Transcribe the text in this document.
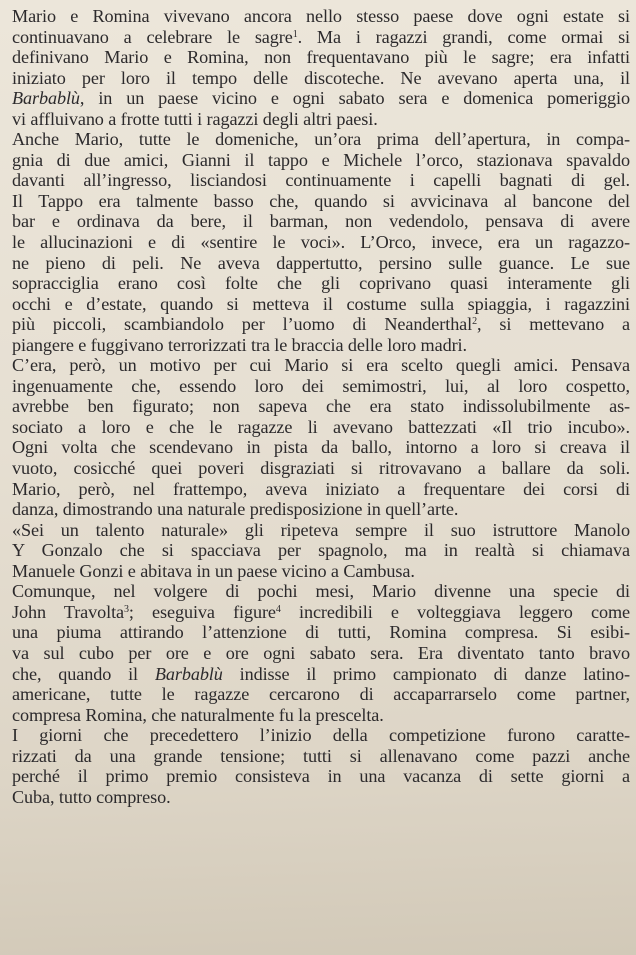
Mario e Romina vivevano ancora nello stesso paese dove ogni estate si
continuavano a celebrare le sagre$^1$. Ma i ragazzi grandi, come ormai si
definivano Mario e Romina, non frequentavano più le sagre; era infatti
iniziato per loro il tempo delle discoteche. Ne avevano aperta una, il
Barbablù, in un paese vicino e ogni sabato sera e domenica pomeriggio
vi affluivano a frotte tutti i ragazzi degli altri paesi.
Anche Mario, tutte le domeniche, un’ora prima dell’apertura, in compa-
gnia di due amici, Gianni il tappo e Michele l’orco, stazionava spavaldo
davanti all’ingresso, lisciandosi continuamente i capelli bagnati di gel.
Il Tappo era talmente basso che, quando si avvicinava al bancone del
bar e ordinava da bere, il barman, non vedendolo, pensava di avere
le allucinazioni e di «sentire le voci». L’Orco, invece, era un ragazzo-
ne pieno di peli. Ne aveva dappertutto, persino sulle guance. Le sue
sopracciglia erano così folte che gli coprivano quasi interamente gli
occhi e d’estate, quando si metteva il costume sulla spiaggia, i ragazzini
più piccoli, scambiandolo per l’uomo di Neanderthal$^2$, si mettevano a
piangere e fuggivano terrorizzati tra le braccia delle loro madri.
C’era, però, un motivo per cui Mario si era scelto quegli amici. Pensava
ingenuamente che, essendo loro dei semimostri, lui, al loro cospetto,
avrebbe ben figurato; non sapeva che era stato indissolubilmente as-
sociato a loro e che le ragazze li avevano battezzati «Il trio incubo».
Ogni volta che scendevano in pista da ballo, intorno a loro si creava il
vuoto, cosicché quei poveri disgraziati si ritrovavano a ballare da soli.
Mario, però, nel frattempo, aveva iniziato a frequentare dei corsi di
danza, dimostrando una naturale predisposizione in quell’arte.
«Sei un talento naturale» gli ripeteva sempre il suo istruttore Manolo
Y Gonzalo che si spacciava per spagnolo, ma in realtà si chiamava
Manuele Gonzi e abitava in un paese vicino a Cambusa.
Comunque, nel volgere di pochi mesi, Mario divenne una specie di
John Travolta$^3$; eseguiva figure$^4$ incredibili e volteggiava leggero come
una piuma attirando l’attenzione di tutti, Romina compresa. Si esibi-
va sul cubo per ore e ore ogni sabato sera. Era diventato tanto bravo
che, quando il Barbablù indisse il primo campionato di danze latino-
americane, tutte le ragazze cercarono di accaparrarselo come partner,
compresa Romina, che naturalmente fu la prescelta.
I giorni che precedettero l’inizio della competizione furono caratte-
rizzati da una grande tensione; tutti si allenavano come pazzi anche
perché il primo premio consisteva in una vacanza di sette giorni a
Cuba, tutto compreso.
